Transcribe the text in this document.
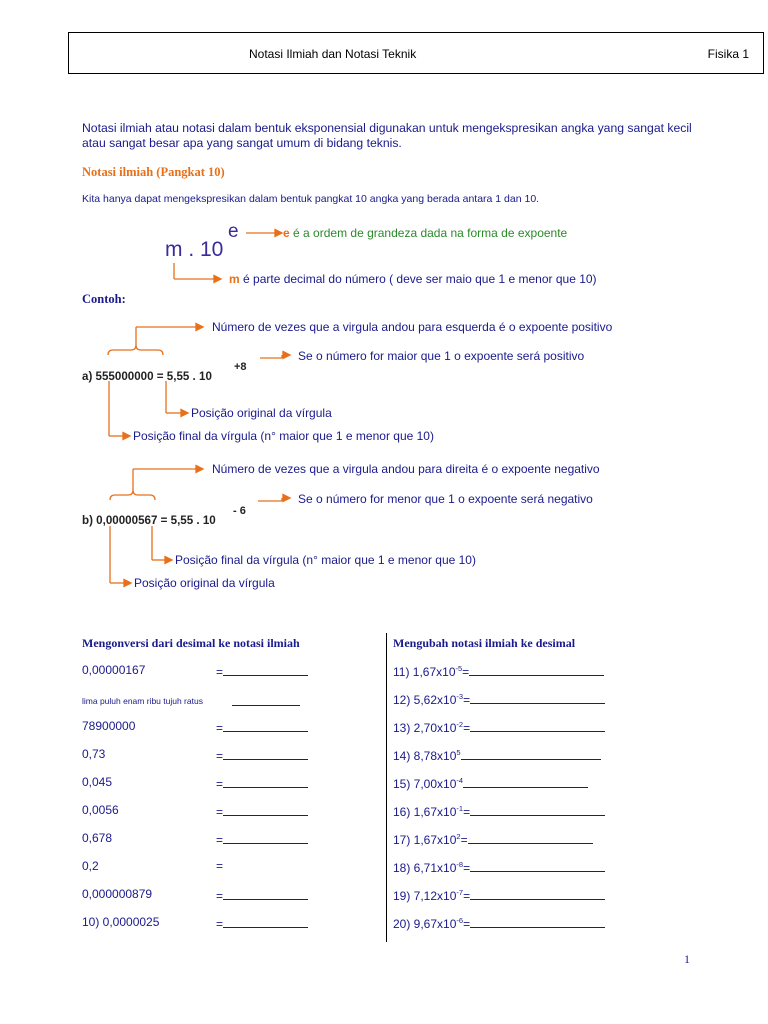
Notasi Ilmiah dan Notasi Teknik	Fisika 1
Notasi ilmiah atau notasi dalam bentuk eksponensial digunakan untuk mengekspresikan angka yang sangat kecil atau sangat besar apa yang sangat umum di bidang teknis.
Notasi ilmiah (Pangkat 10)
Kita hanya dapat mengekspresikan dalam bentuk pangkat 10 angka yang berada antara 1 dan 10.
m . 10
e	e é a ordem de grandeza dada na forma de expoente
m é parte decimal do número ( deve ser maio que 1 e menor que 10)
Contoh:
Número de vezes que a virgula andou para esquerda é o expoente positivo
Se o número for maior que 1 o expoente será positivo
a) 555000000 = 5,55 . 10
+8
Posição original da vírgula
Posição final da vírgula (n° maior que 1 e menor que 10)
Número de vezes que a virgula andou para direita é o expoente negativo
Se o número for menor que 1 o expoente será negativo
b) 0,00000567 = 5,55 . 10
- 6
Posição final da vírgula (n° maior que 1 e menor que 10)
Posição original da vírgula
Mengonversi dari desimal ke notasi ilmiah	Mengubah notasi ilmiah ke desimal
0,00000167	=
lima puluh enam ribu tujuh ratus
78900000	=
0,73	=
0,045	=
0,0056	=
0,678	=
0,2	=
0,000000879	=
10) 0,0000025	=
11) $1,67x10^{-5}=$
12) $5,62x10^{-3}=$
13) $2,70x10^{-2}=$
14) $8,78x10^5$
15) $7,00x10^{-4}$
16) $1,67x10^{-1}=$
17) $1,67x10^2=$
18) $6,71x10^{-8}=$
19) $7,12x10^{-7}=$
20) $9,67x10^{-6}=$
1
